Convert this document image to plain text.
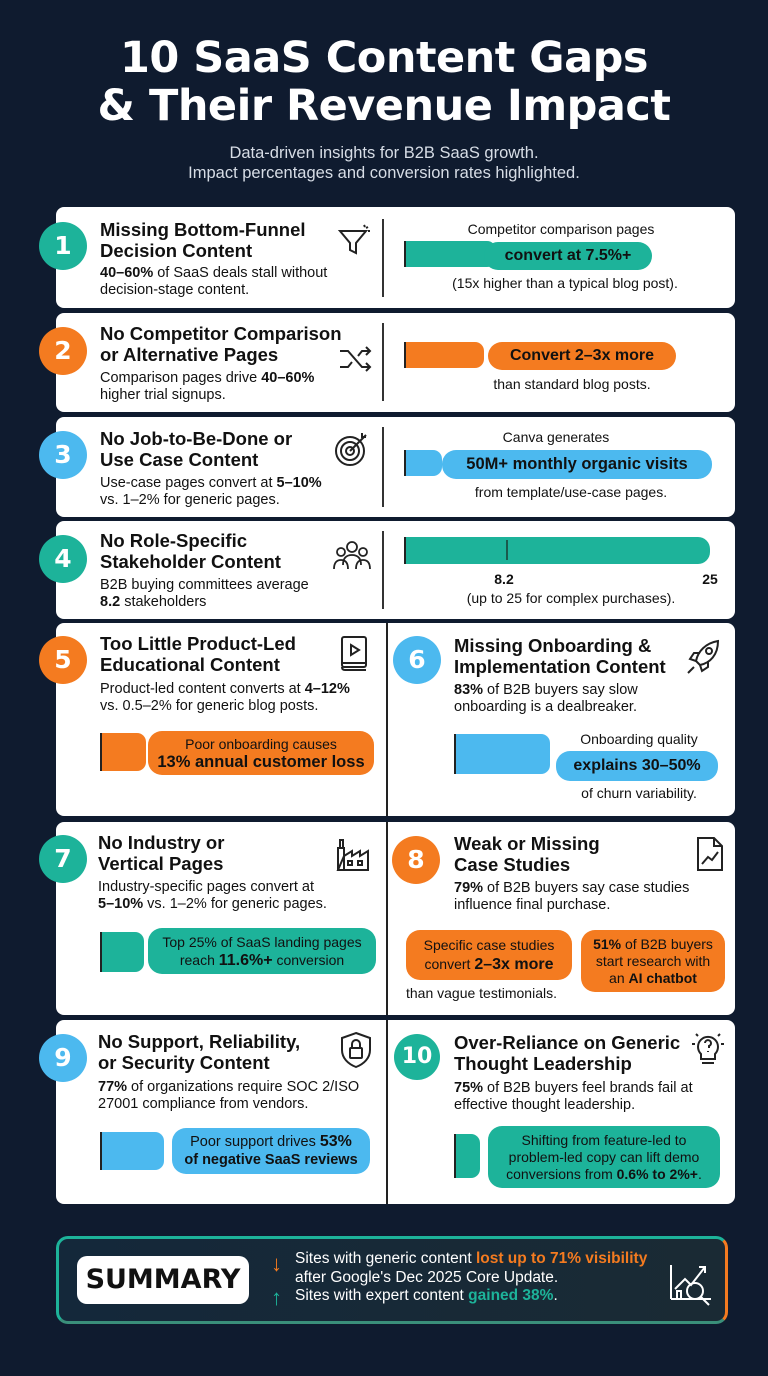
10 SaaS Content Gaps
& Their Revenue Impact
Data-driven insights for B2B SaaS growth.
Impact percentages and conversion rates highlighted.
1
Missing Bottom-Funnel
Decision Content
40–60% of SaaS deals stall without
decision-stage content.
Competitor comparison pages
convert at 7.5%+
(15x higher than a typical blog post).
2
No Competitor Comparison
or Alternative Pages
Comparison pages drive 40–60%
higher trial signups.
Convert 2–3x more
than standard blog posts.
3
No Job-to-Be-Done or
Use Case Content
Use-case pages convert at 5–10%
vs. 1–2% for generic pages.
Canva generates
50M+ monthly organic visits
from template/use-case pages.
4
No Role-Specific
Stakeholder Content
B2B buying committees average
8.2 stakeholders
8.2	25
(up to 25 for complex purchases).
5
Too Little Product-Led
Educational Content
Product-led content converts at 4–12%
vs. 0.5–2% for generic blog posts.
Poor onboarding causes
13% annual customer loss
6	Missing Onboarding &
Implementation Content
83% of B2B buyers say slow
onboarding is a dealbreaker.
Onboarding quality
explains 30–50%
of churn variability.
7
No Industry or
Vertical Pages
Industry-specific pages convert at
5–10% vs. 1–2% for generic pages.
Top 25% of SaaS landing pages
reach 11.6%+ conversion
8
Weak or Missing
Case Studies
79% of B2B buyers say case studies
influence final purchase.
Specific case studies
convert 2–3x more
51% of B2B buyers
start research with
an AI chatbot
than vague testimonials.
9
No Support, Reliability,
or Security Content
77% of organizations require SOC 2/ISO
27001 compliance from vendors.
Poor support drives 53%
of negative SaaS reviews
10
Over-Reliance on Generic
Thought Leadership
75% of B2B buyers feel brands fail at
effective thought leadership.
Shifting from feature-led to
problem-led copy can lift demo
conversions from 0.6% to 2%+.
SUMMARY
↓
↑
Sites with generic content lost up to 71% visibility
after Google's Dec 2025 Core Update.
Sites with expert content gained 38%.
